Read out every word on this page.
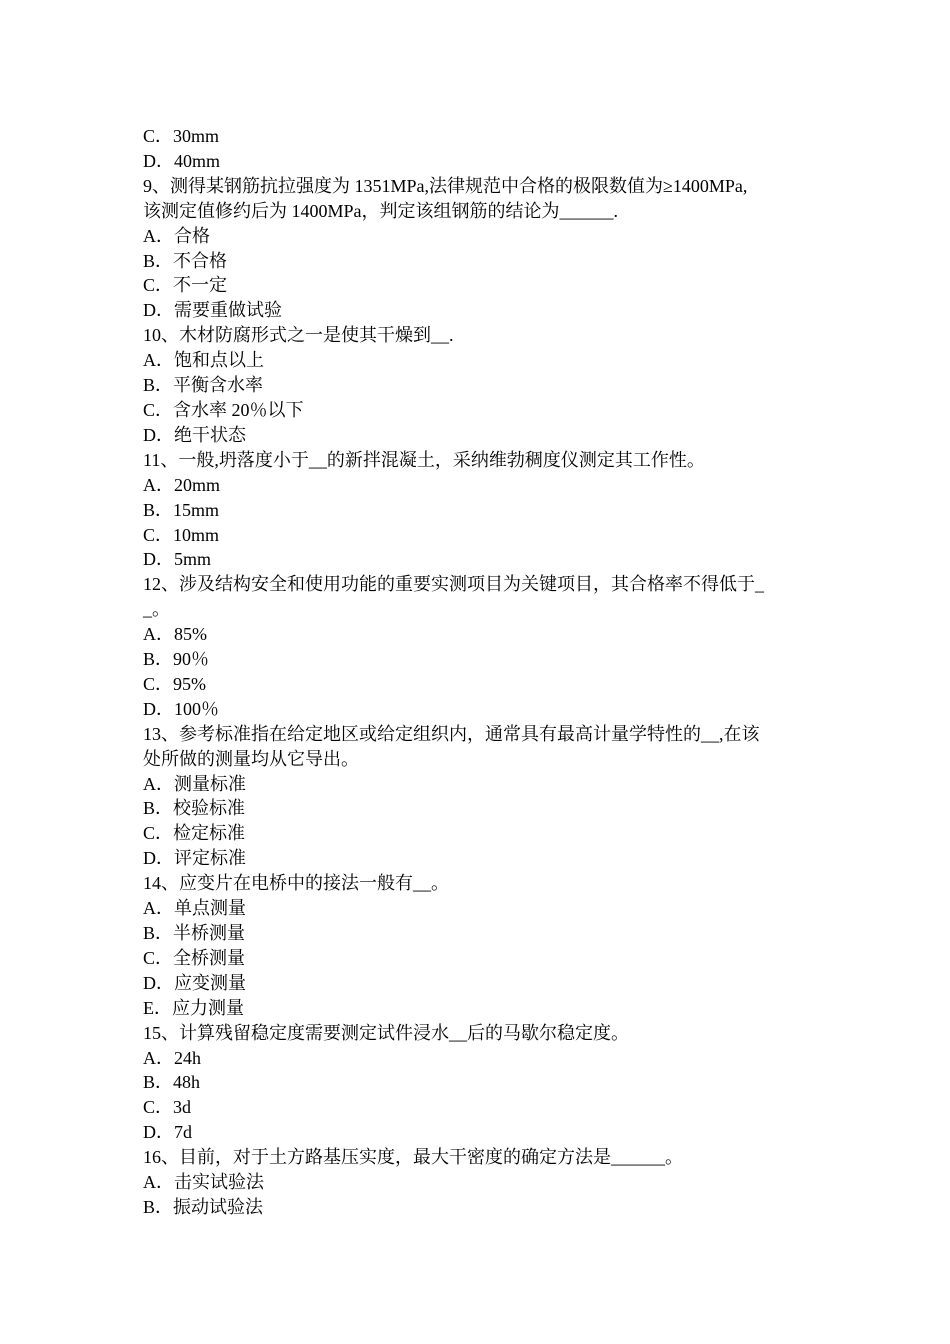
C．30mm
D．40mm
9、测得某钢筋抗拉强度为 1351MPa,法律规范中合格的极限数值为≥1400MPa,
该测定值修约后为 1400MPa，判定该组钢筋的结论为______.
A．合格
B．不合格
C．不一定
D．需要重做试验
10、木材防腐形式之一是使其干燥到__.
A．饱和点以上
B．平衡含水率
C．含水率 20％以下
D．绝干状态
11、一般,坍落度小于__的新拌混凝土，采纳维勃稠度仪测定其工作性。
A．20mm
B．15mm
C．10mm
D．5mm
12、涉及结构安全和使用功能的重要实测项目为关键项目，其合格率不得低于_
_。
A．85%
B．90％
C．95%
D．100％
13、参考标准指在给定地区或给定组织内，通常具有最高计量学特性的__,在该
处所做的测量均从它导出。
A．测量标准
B．校验标准
C．检定标准
D．评定标准
14、应变片在电桥中的接法一般有__。
A．单点测量
B．半桥测量
C．全桥测量
D．应变测量
E．应力测量
15、计算残留稳定度需要测定试件浸水__后的马歇尔稳定度。
A．24h
B．48h
C．3d
D．7d
16、目前，对于土方路基压实度，最大干密度的确定方法是______。
A．击实试验法
B．振动试验法
